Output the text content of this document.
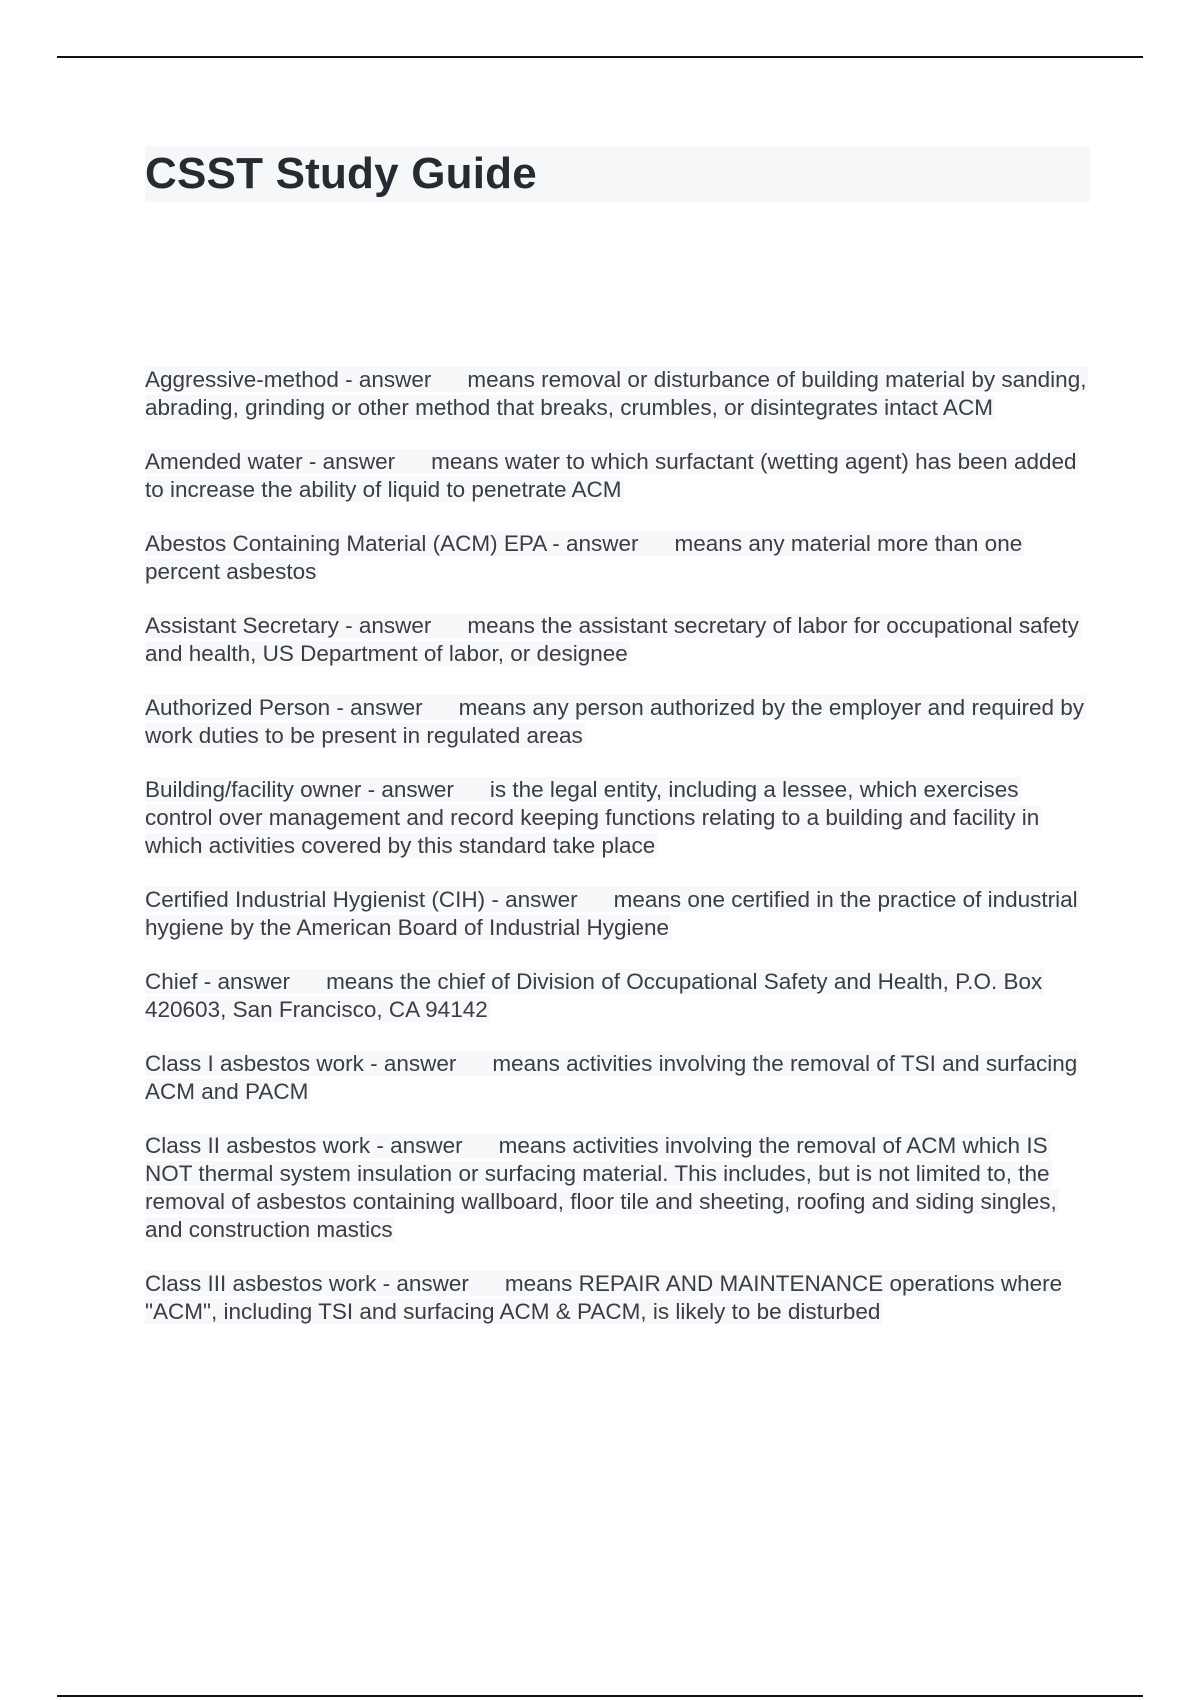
CSST Study Guide

Aggressive-method - answer means removal or disturbance of building material by sanding, abrading, grinding or other method that breaks, crumbles, or disintegrates intact ACM

Amended water - answer means water to which surfactant (wetting agent) has been added to increase the ability of liquid to penetrate ACM

Abestos Containing Material (ACM) EPA - answer means any material more than one percent asbestos

Assistant Secretary - answer means the assistant secretary of labor for occupational safety and health, US Department of labor, or designee

Authorized Person - answer means any person authorized by the employer and required by work duties to be present in regulated areas

Building/facility owner - answer is the legal entity, including a lessee, which exercises control over management and record keeping functions relating to a building and facility in which activities covered by this standard take place

Certified Industrial Hygienist (CIH) - answer means one certified in the practice of industrial hygiene by the American Board of Industrial Hygiene

Chief - answer means the chief of Division of Occupational Safety and Health, P.O. Box 420603, San Francisco, CA 94142

Class I asbestos work - answer means activities involving the removal of TSI and surfacing ACM and PACM

Class II asbestos work - answer means activities involving the removal of ACM which IS NOT thermal system insulation or surfacing material. This includes, but is not limited to, the removal of asbestos containing wallboard, floor tile and sheeting, roofing and siding singles, and construction mastics

Class III asbestos work - answer means REPAIR AND MAINTENANCE operations where "ACM", including TSI and surfacing ACM & PACM, is likely to be disturbed
